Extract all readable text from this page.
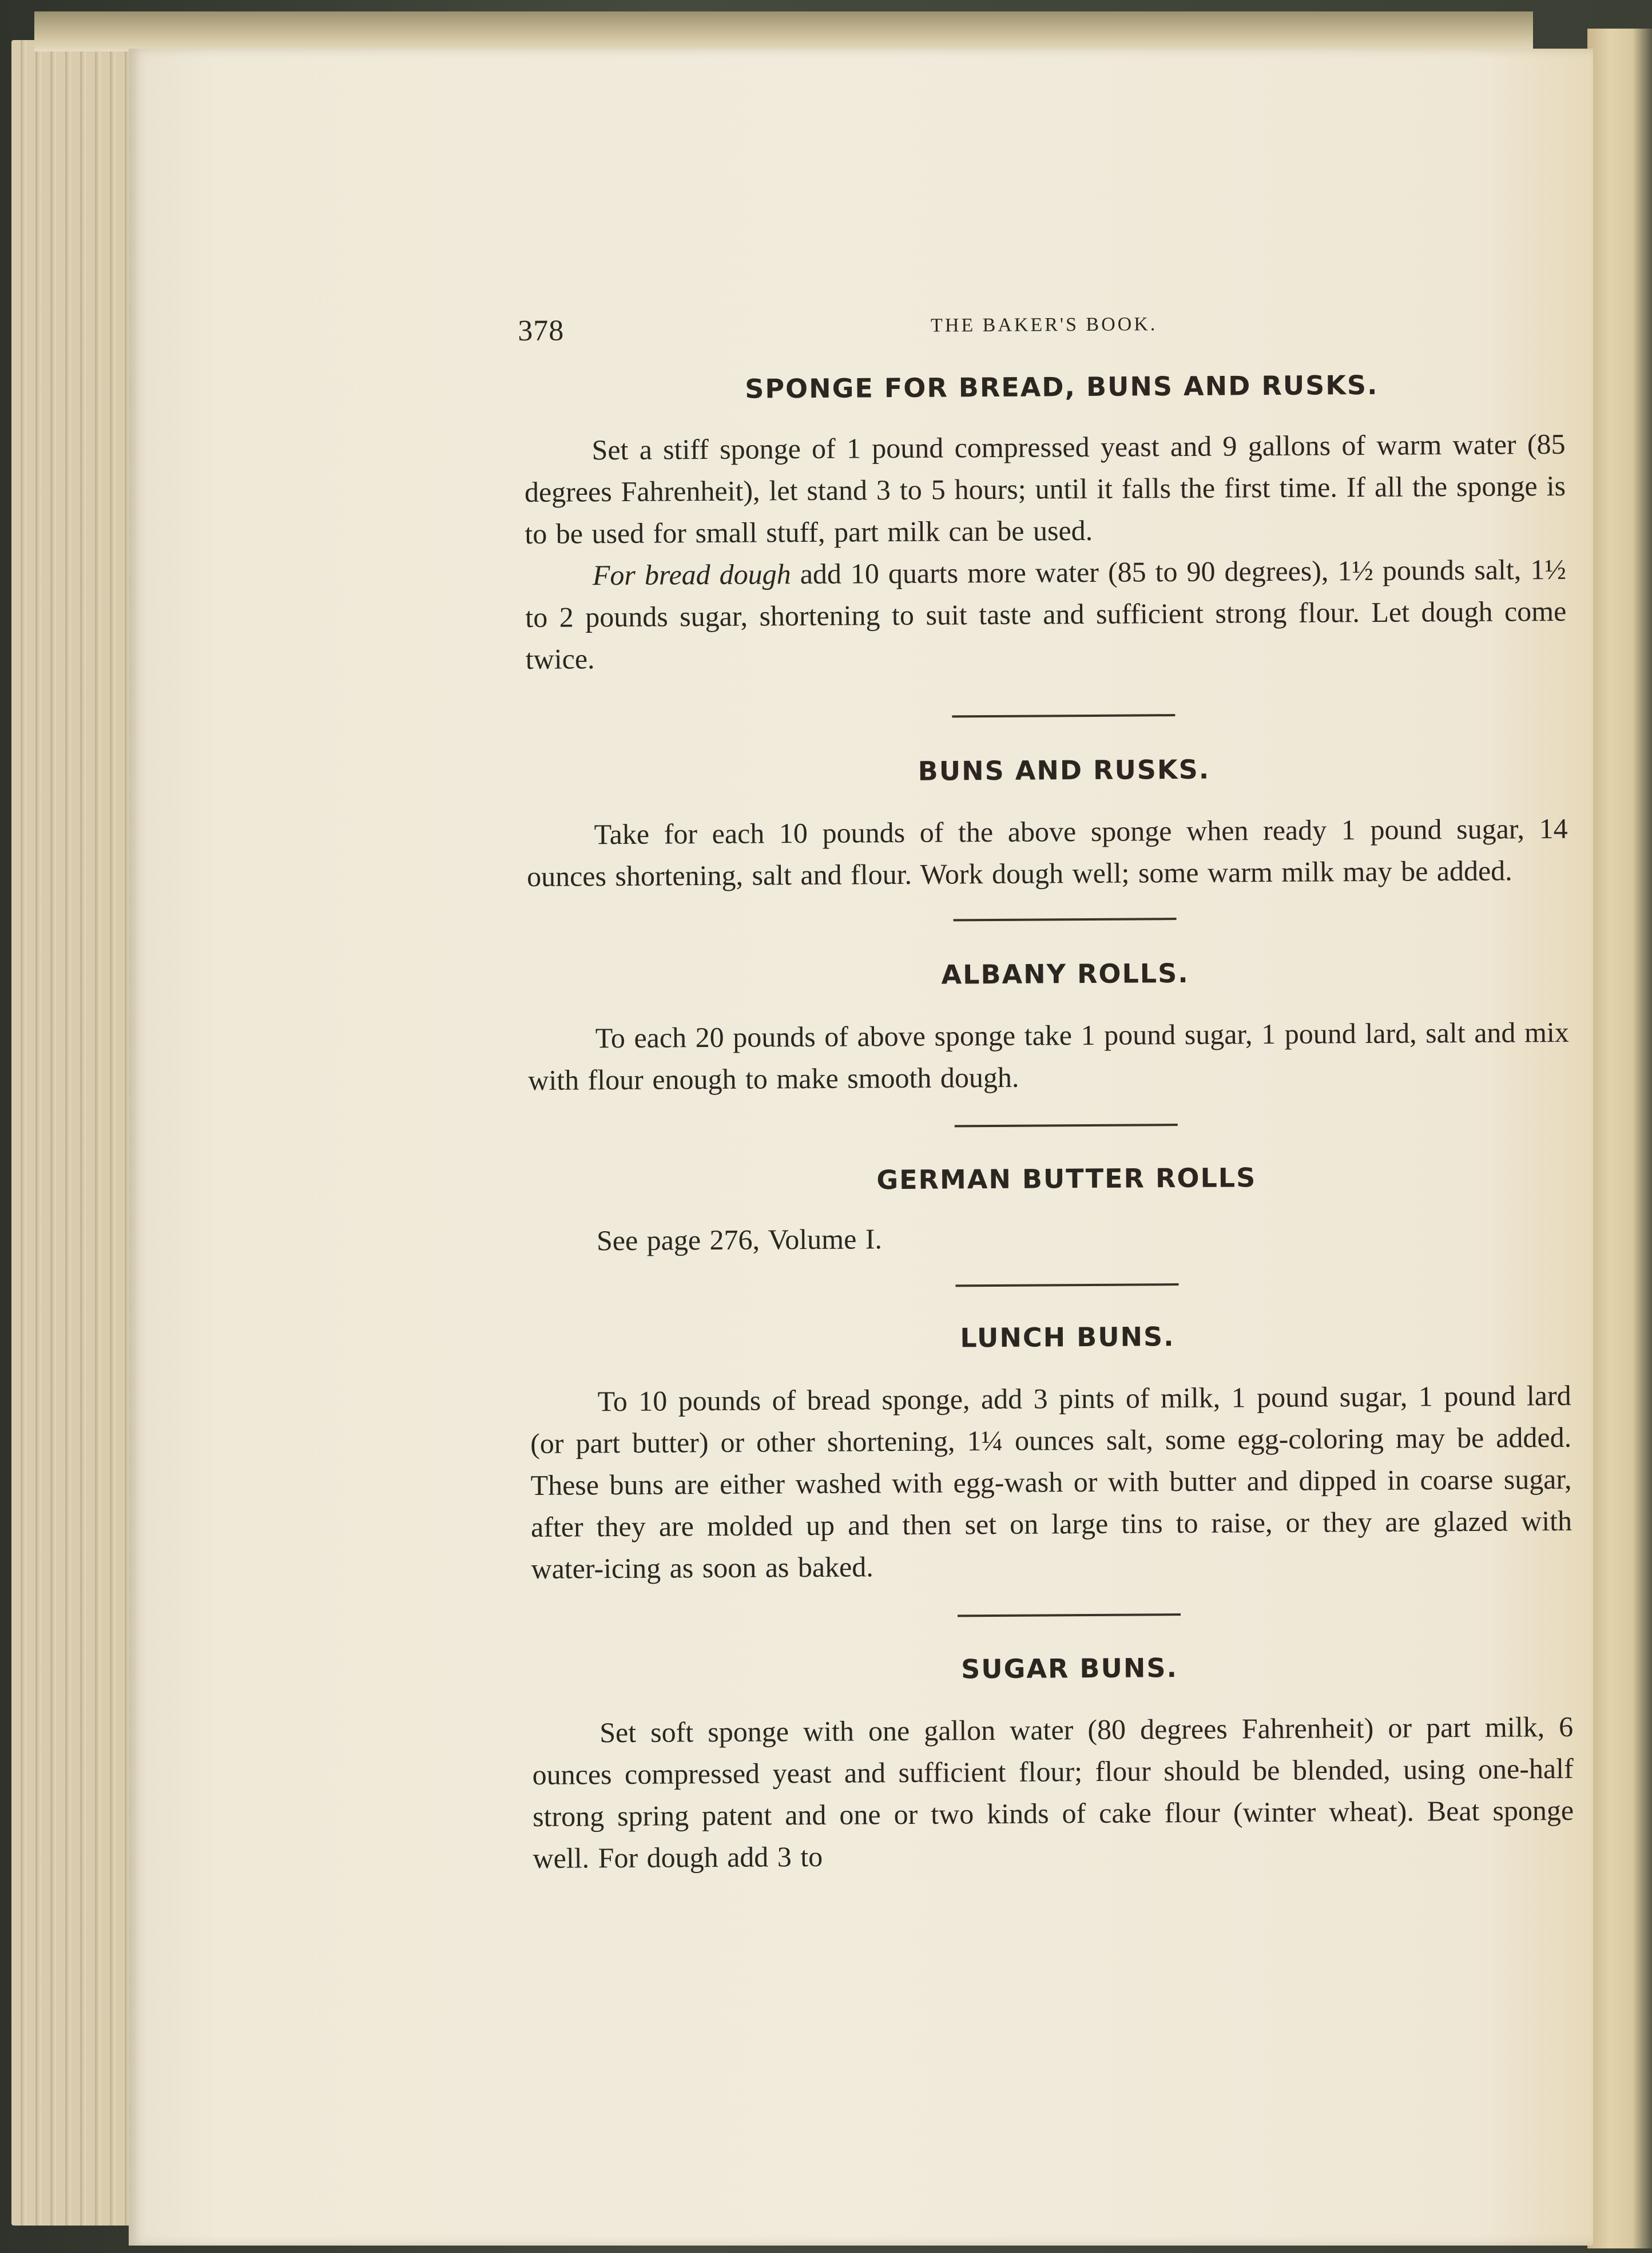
378	THE BAKER'S BOOK.
SPONGE FOR BREAD, BUNS AND RUSKS.

Set a stiff sponge of 1 pound compressed yeast and 9 gallons of warm water (85 degrees Fahrenheit), let stand 3 to 5 hours; until it falls the first time. If all the sponge is to be used for small stuff, part milk can be used.

For bread dough add 10 quarts more water (85 to 90 degrees), 1½ pounds salt, 1½ to 2 pounds sugar, shortening to suit taste and sufficient strong flour. Let dough come twice.

BUNS AND RUSKS.

Take for each 10 pounds of the above sponge when ready 1 pound sugar, 14 ounces shortening, salt and flour. Work dough well; some warm milk may be added.

ALBANY ROLLS.

To each 20 pounds of above sponge take 1 pound sugar, 1 pound lard, salt and mix with flour enough to make smooth dough.

GERMAN BUTTER ROLLS

See page 276, Volume I.

LUNCH BUNS.

To 10 pounds of bread sponge, add 3 pints of milk, 1 pound sugar, 1 pound lard (or part butter) or other shortening, 1¼ ounces salt, some egg-coloring may be added. These buns are either washed with egg-wash or with butter and dipped in coarse sugar, after they are molded up and then set on large tins to raise, or they are glazed with water-icing as soon as baked.

SUGAR BUNS.

Set soft sponge with one gallon water (80 degrees Fahrenheit) or part milk, 6 ounces compressed yeast and sufficient flour; flour should be blended, using one-half strong spring patent and one or two kinds of cake flour (winter wheat). Beat sponge well. For dough add 3 to
